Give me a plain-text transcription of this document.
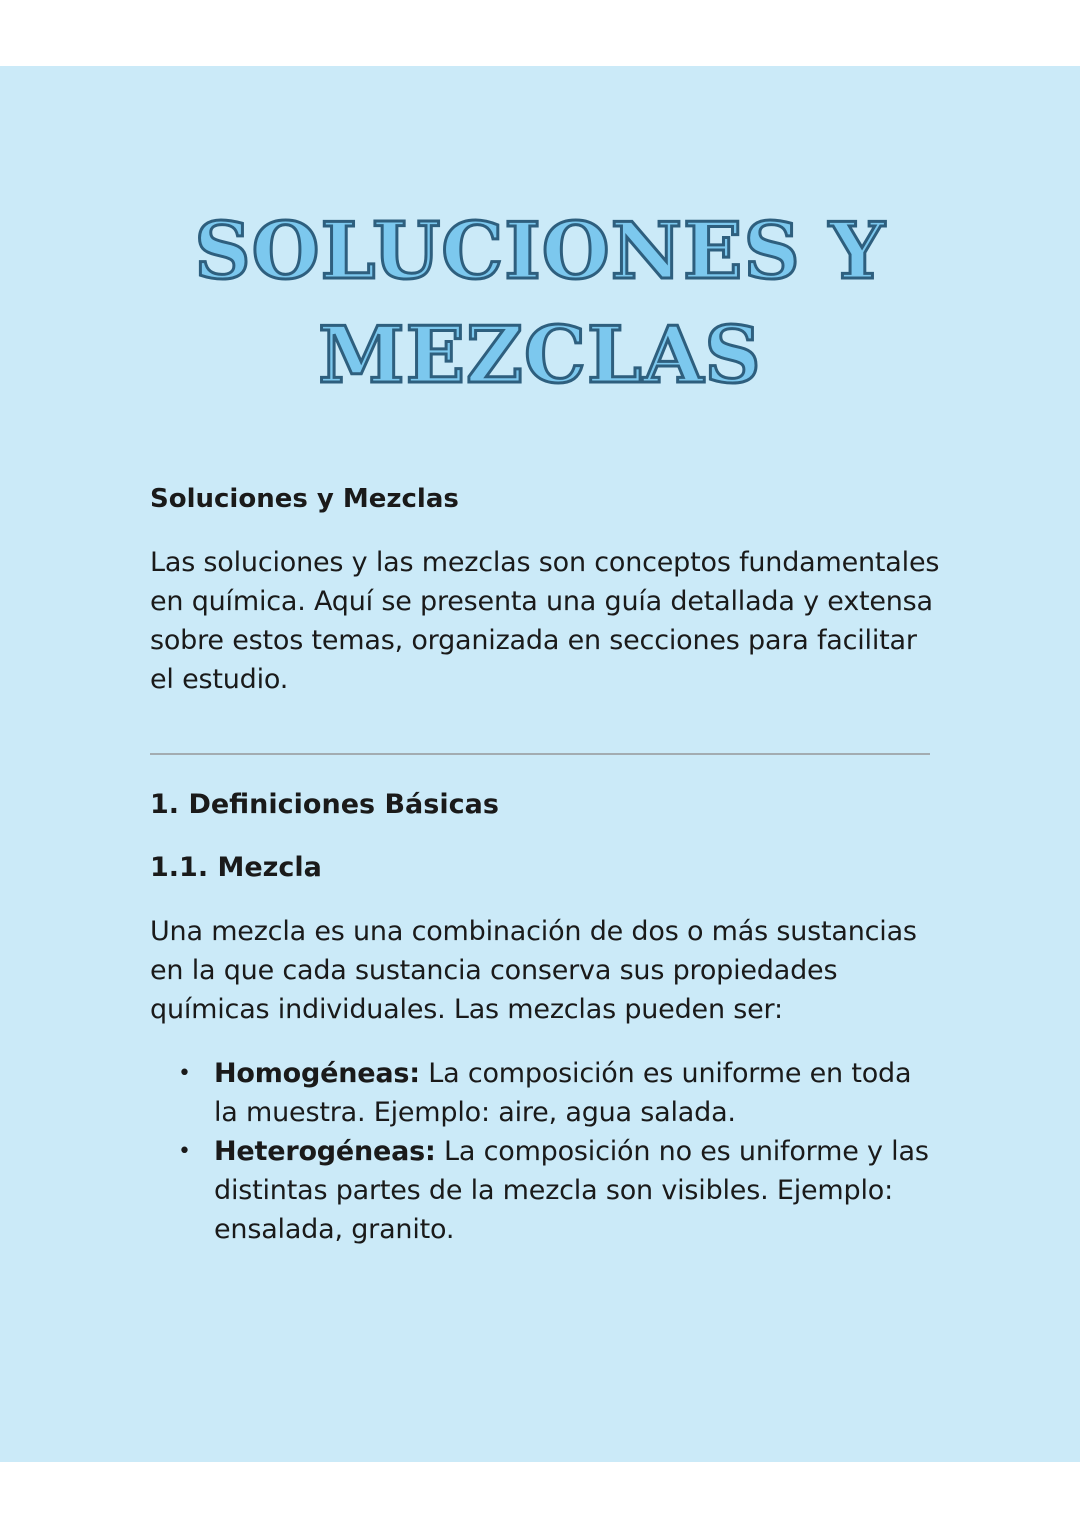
SOLUCIONES Y
MEZCLAS
Soluciones y Mezclas

Las soluciones y las mezclas son conceptos fundamentales en química. Aquí se presenta una guía detallada y extensa sobre estos temas, organizada en secciones para facilitar el estudio.

1. Definiciones Básicas
1.1. Mezcla

Una mezcla es una combinación de dos o más sustancias en la que cada sustancia conserva sus propiedades químicas individuales. Las mezclas pueden ser:

• Homogéneas: La composición es uniforme en toda la muestra. Ejemplo: aire, agua salada.
• Heterogéneas: La composición no es uniforme y las distintas partes de la mezcla son visibles. Ejemplo: ensalada, granito.
